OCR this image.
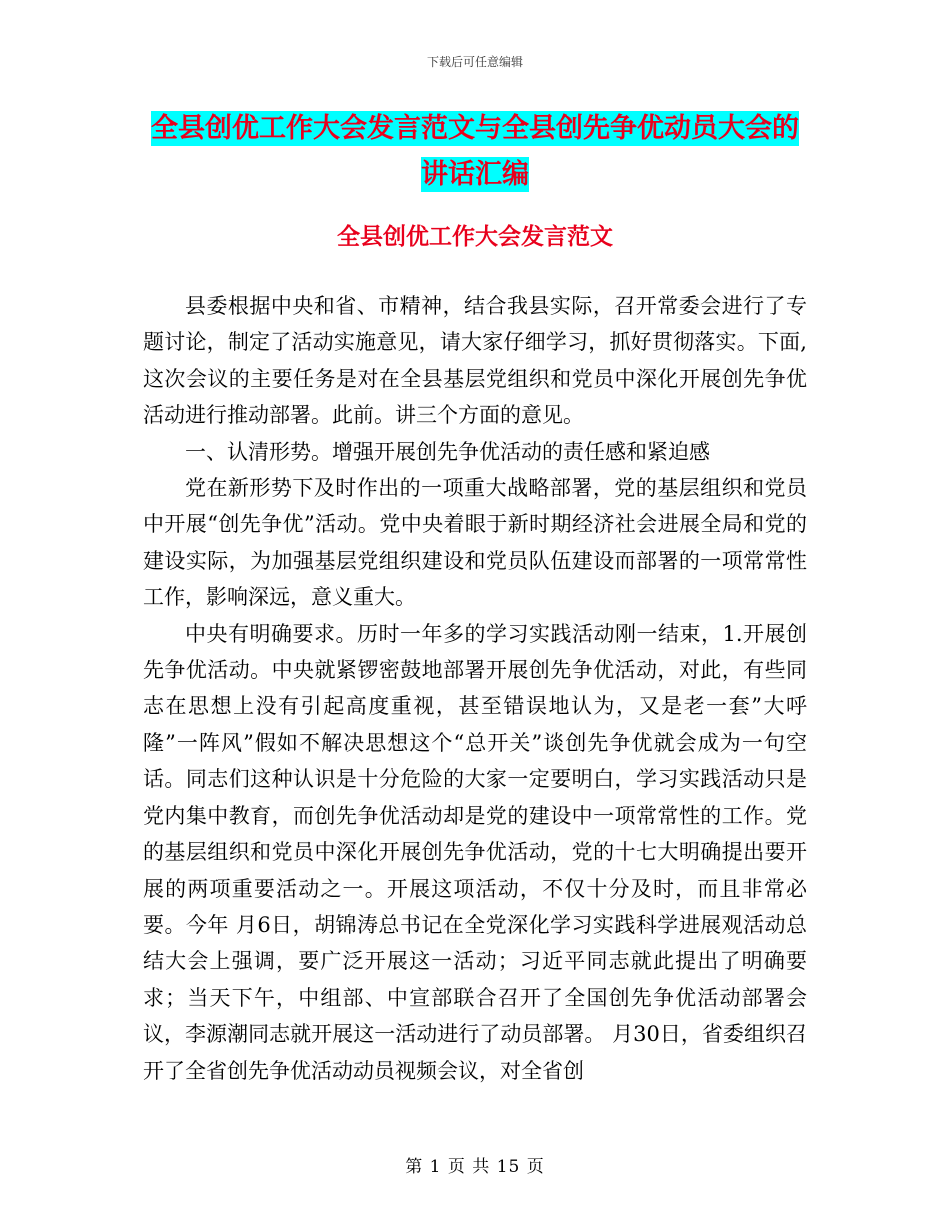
下载后可任意编辑
全县创优工作大会发言范文与全县创先争优动员大会的讲话汇编
全县创优工作大会发言范文

县委根据中央和省、市精神，结合我县实际，召开常委会进行了专题讨论，制定了活动实施意见，请大家仔细学习，抓好贯彻落实。下面,这次会议的主要任务是对在全县基层党组织和党员中深化开展创先争优活动进行推动部署。此前。讲三个方面的意见。

一、认清形势。增强开展创先争优活动的责任感和紧迫感

党在新形势下及时作出的一项重大战略部署，党的基层组织和党员中开展“创先争优”活动。党中央着眼于新时期经济社会进展全局和党的建设实际，为加强基层党组织建设和党员队伍建设而部署的一项常常性工作，影响深远，意义重大。

中央有明确要求。历时一年多的学习实践活动刚一结束，1.开展创先争优活动。中央就紧锣密鼓地部署开展创先争优活动，对此，有些同志在思想上没有引起高度重视，甚至错误地认为，又是老一套”大呼隆”一阵风”假如不解决思想这个“总开关”谈创先争优就会成为一句空话。同志们这种认识是十分危险的大家一定要明白，学习实践活动只是党内集中教育，而创先争优活动却是党的建设中一项常常性的工作。党的基层组织和党员中深化开展创先争优活动，党的十七大明确提出要开展的两项重要活动之一。开展这项活动，不仅十分及时，而且非常必要。今年 月6日，胡锦涛总书记在全党深化学习实践科学进展观活动总结大会上强调，要广泛开展这一活动；习近平同志就此提出了明确要求；当天下午，中组部、中宣部联合召开了全国创先争优活动部署会议，李源潮同志就开展这一活动进行了动员部署。 月30日，省委组织召开了全省创先争优活动动员视频会议，对全省创

第 1 页 共 15 页
